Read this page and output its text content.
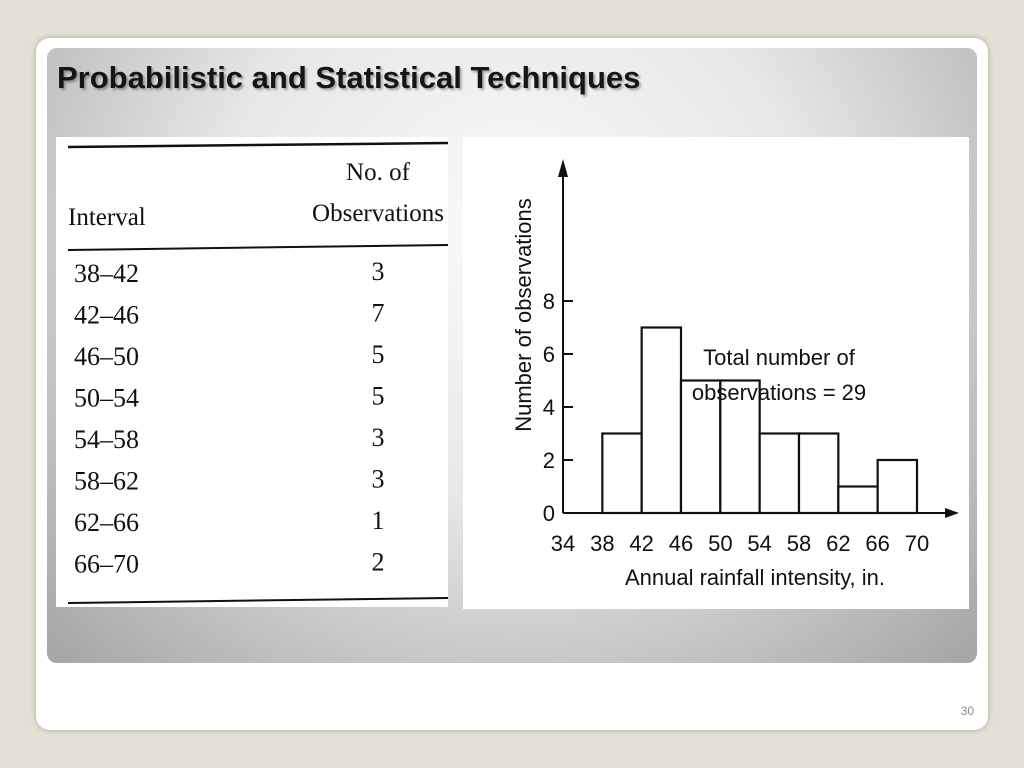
Probabilistic and Statistical Techniques
Interval
No. of
Observations
38–42	3
42–46	7
46–50	5
50–54	5
54–58	3
58–62	3
62–66	1
66–70	2
0
2
4
6
8
34 38 42 46 50 54 58 62 66 70
Number of observations	Total number of
observations = 29
Annual rainfall intensity, in.
30
